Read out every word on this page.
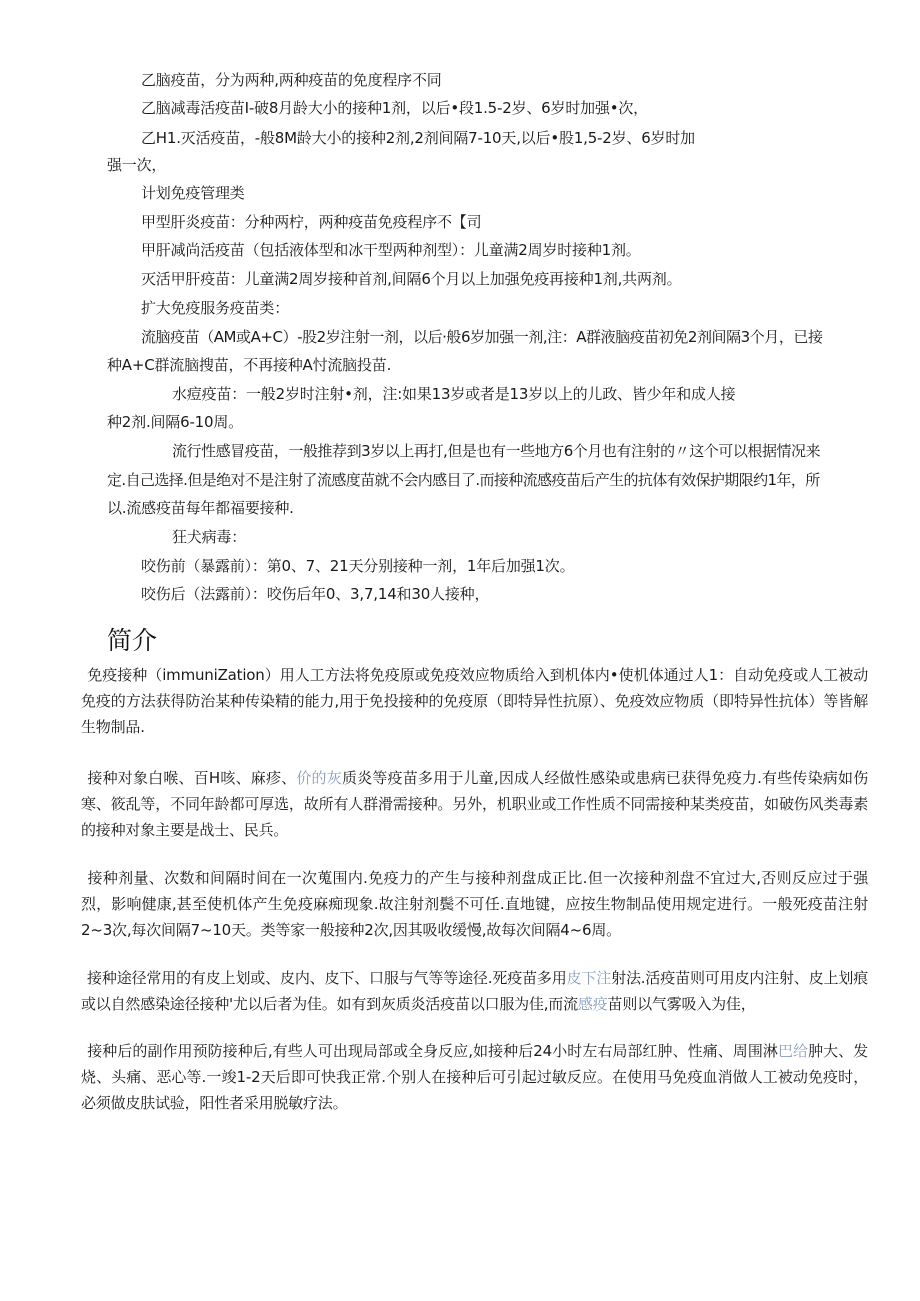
乙脑疫苗，分为两种,两种疫苗的免度程序不同
乙脑减毒活疫苗I-破8月龄大小的接种1剂，以后•段1.5-2岁、6岁时加强•次，
乙H1.灭活疫苗，-般8M龄大小的接种2剂,2剂间隔7-10天,以后•股1,5-2岁、6岁时加
强一次，
计划免疫管理类
甲型肝炎疫苗：分种两柠，两种疫苗免疫程序不【司
甲肝减尚活疫苗（包括液体型和冰干型两种剂型）：儿童满2周岁时接种1剂。
灭活甲肝疫苗：儿童满2周岁接种首剂,间隔6个月以上加强免疫再接种1剂,共两剂。
扩大免疫服务疫苗类：
流脑疫苗（AM或A+C）-股2岁注射一剂，以后·般6岁加强一剂,注：A群液脑疫苗初免2剂间隔3个月，已接
种A+C群流脑搜苗，不再接种A忖流脑投苗.
水痘疫苗：一般2岁时注射•剂，注:如果13岁或者是13岁以上的儿政、皆少年和成人接
种2剂.间隔6-10周。
流行性感冒疫苗，一般推荐到3岁以上再打,但是也有一些地方6个月也有注射的〃这个可以根据情况来
定.自己选择.但是绝对不是注射了流感度苗就不会内感目了.而接种流感疫苗后产生的抗体有效保护期限约1年，所
以.流感疫苗每年都福要接种.
狂犬病毒：
咬伤前（暴露前）：第0、7、21天分别接种一剂，1年后加强1次。
咬伤后（法露前）：咬伤后年0、3,7,14和30人接种，
简介

免疫接种（immuniZation）用人工方法将免疫原或免疫效应物质给入到机体内•使机体通过人1：自动免疫或人工被动免疫的方法获得防治某种传染精的能力,用于免投接种的免疫原（即特异性抗原）、免疫效应物质（即特异性抗体）等皆解生物制品.

接种对象白喉、百H咳、麻疹、价的灰质炎等疫苗多用于儿童,因成人经做性感染或患病已获得免疫力.有些传染病如伤寒、筱乱等，不同年龄都可厚选，故所有人群滑需接种。另外，机职业或工作性质不同需接种某类疫苗，如破伤风类毒素的接种对象主要是战士、民兵。

接种剂量、次数和间隔时间在一次蒐围内.免疫力的产生与接种剂盘成正比.但一次接种剂盘不宜过大,否则反应过于强烈，影响健康,甚至使机体产生免疫麻痴现象.故注射剂鬓不可任.直地键，应按生物制品使用规定进行。一般死疫苗注射2~3次,每次间隔7~10天。类等家一般接种2次,因其吸收缓慢,故每次间隔4~6周。

接种途径常用的有皮上划或、皮内、皮下、口服与气等等途径.死疫苗多用皮下注射法.活疫苗则可用皮内注射、皮上划痕或以自然感染途径接种'尤以后者为佳。如有到灰质炎活疫苗以口服为佳,而流感疫苗则以气雾吸入为佳，

接种后的副作用预防接种后,有些人可出现局部或全身反应,如接种后24小时左右局部红肿、性痛、周围淋巴给肿大、发烧、头痛、恶心等.一竣1-2天后即可快我正常.个别人在接种后可引起过敏反应。在使用马免疫血消做人工被动免疫时，必须做皮肤试验，阳性者采用脱敏疗法。
